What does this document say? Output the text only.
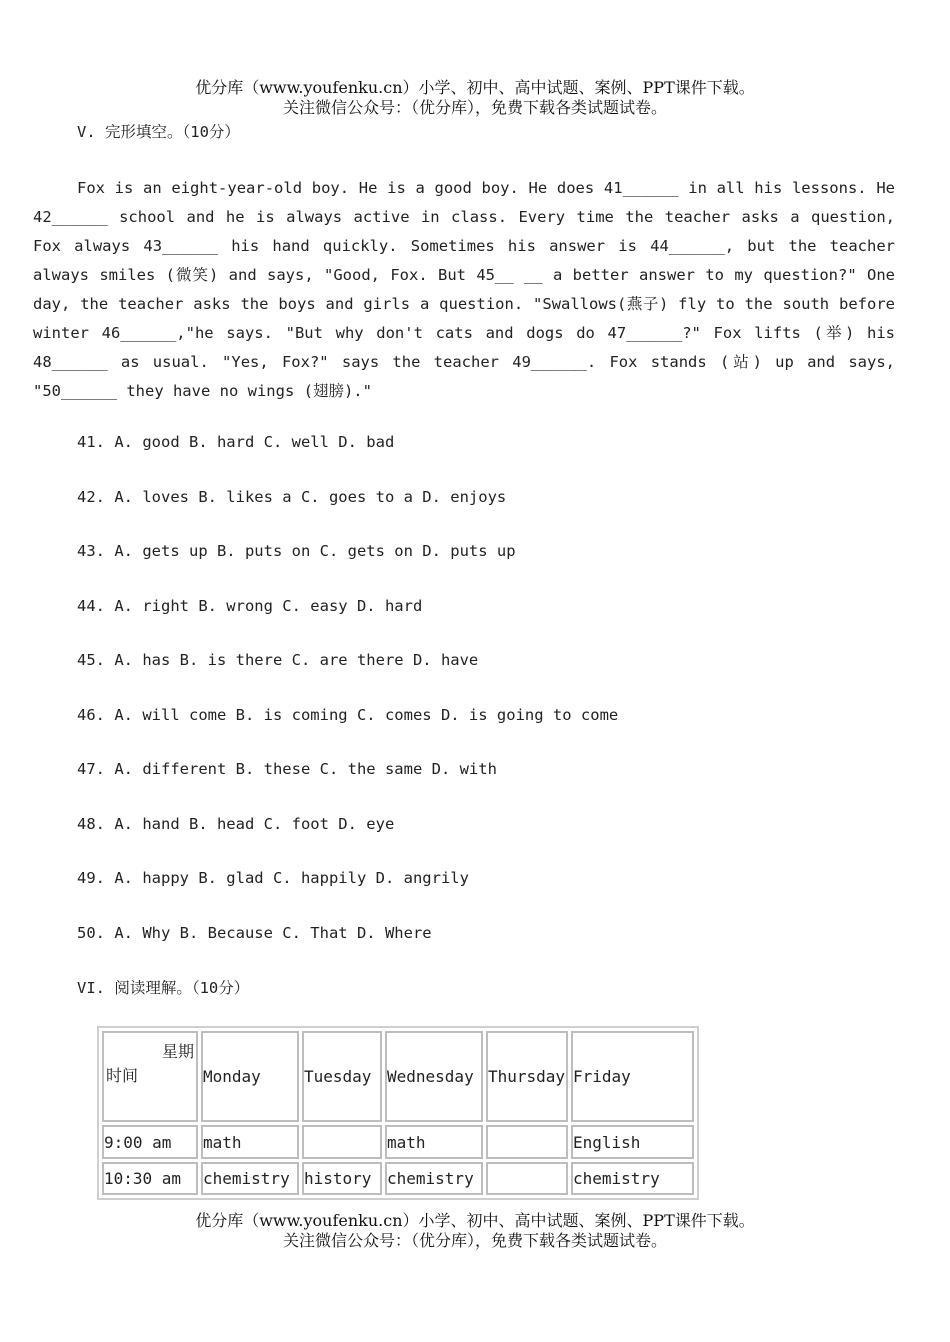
优分库（www.youfenku.cn）小学、初中、高中试题、案例、PPT课件下载。
关注微信公众号：（优分库），免费下载各类试题试卷。
V. 完形填空。（10分）
Fox is an eight-year-old boy. He is a good boy. He does 41______ in all his lessons. He 42______ school and he is always active in class. Every time the teacher asks a question, Fox always 43______ his hand quickly. Sometimes his answer is 44______, but the teacher always smiles (微笑) and says, "Good, Fox. But 45__ __ a better answer to my question?" One day, the teacher asks the boys and girls a question. "Swallows(燕子) fly to the south before winter 46______,"he says. "But why don't cats and dogs do 47______?" Fox lifts (举) his 48______ as usual. "Yes, Fox?" says the teacher 49______. Fox stands (站) up and says, "50______ they have no wings (翅膀)."
41. A. good B. hard C. well D. bad
42. A. loves B. likes a C. goes to a D. enjoys
43. A. gets up B. puts on C. gets on D. puts up
44. A. right B. wrong C. easy D. hard
45. A. has B. is there C. are there D. have
46. A. will come B. is coming C. comes D. is going to come
47. A. different B. these C. the same D. with
48. A. hand B. head C. foot D. eye
49. A. happy B. glad C. happily D. angrily
50. A. Why B. Because C. That D. Where
VI. 阅读理解。（10分）
星期
时间	Monday	Tuesday	Wednesday	Thursday	Friday
9:00 am	math		math		English
10:30 am	chemistry	history	chemistry		chemistry
优分库（www.youfenku.cn）小学、初中、高中试题、案例、PPT课件下载。
关注微信公众号：（优分库），免费下载各类试题试卷。
